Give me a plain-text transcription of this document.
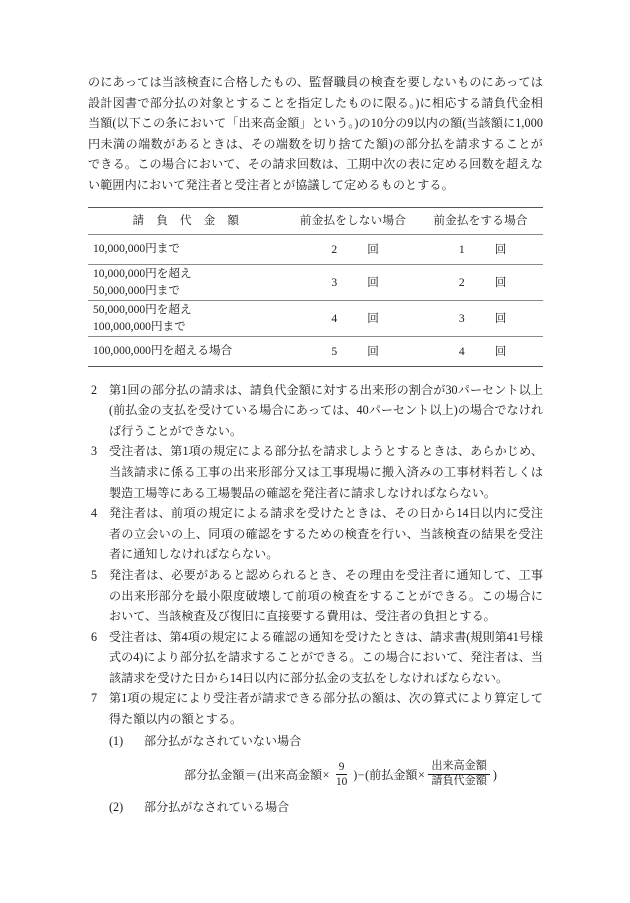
のにあっては当該検査に合格したもの、監督職員の検査を要しないものにあっては設計図書で部分払の対象とすることを指定したものに限る。)に相応する請負代金相当額(以下この条において「出来高金額」という。)の10分の9以内の額(当該額に1,000円未満の端数があるときは、その端数を切り捨てた額)の部分払を請求することができる。この場合において、その請求回数は、工期中次の表に定める回数を超えない範囲内において発注者と受注者とが協議して定めるものとする。

請 負 代 金 額	前金払をしない場合	前金払をする場合

10,000,000円まで	2 回	1 回

10,000,000円を超え
50,000,000円まで	3 回	2 回

50,000,000円を超え
100,000,000円まで	4 回	3 回

100,000,000円を超える場合	5 回	4 回
2 第1回の部分払の請求は、請負代金額に対する出来形の割合が30パーセント以上(前払金の支払を受けている場合にあっては、40パーセント以上)の場合でなければ行うことができない。
3 受注者は、第1項の規定による部分払を請求しようとするときは、あらかじめ、当該請求に係る工事の出来形部分又は工事現場に搬入済みの工事材料若しくは製造工場等にある工場製品の確認を発注者に請求しなければならない。
4 発注者は、前項の規定による請求を受けたときは、その日から14日以内に受注者の立会いの上、同項の確認をするための検査を行い、当該検査の結果を受注者に通知しなければならない。
5 発注者は、必要があると認められるとき、その理由を受注者に通知して、工事の出来形部分を最小限度破壊して前項の検査をすることができる。この場合において、当該検査及び復旧に直接要する費用は、受注者の負担とする。
6 受注者は、第4項の規定による確認の通知を受けたときは、請求書(規則第41号様式の4)により部分払を請求することができる。この場合において、発注者は、当該請求を受けた日から14日以内に部分払金の支払をしなければならない。
7 第1項の規定により受注者が請求できる部分払の額は、次の算式により算定して得た額以内の額とする。
(1) 部分払がなされていない場合
部分払金額 ＝ ( 出来高金額 × $\frac{9}{10}$ ) − ( 前払金額 × $\frac{\text{出来高金額}}{\text{請負代金額}}$ )
(2) 部分払がなされている場合
